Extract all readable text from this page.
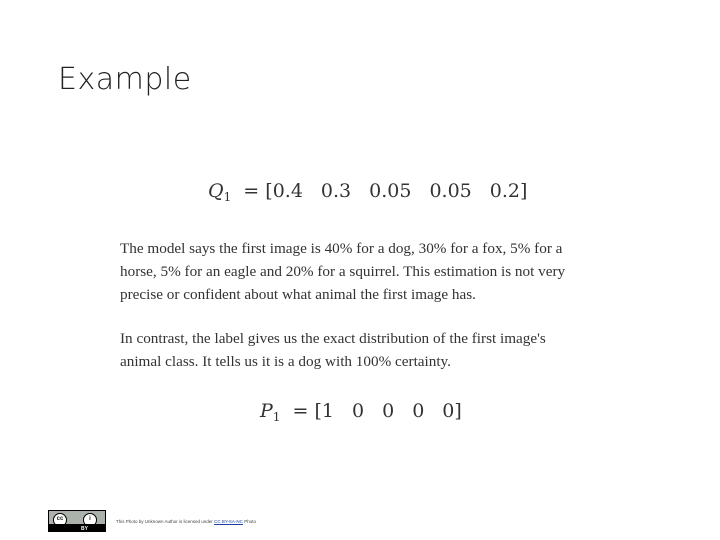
Example
$Q_1 = [0.4$ 0.3 0.05 0.05 0.2]
The model says the first image is 40% for a dog, 30% for a fox, 5% for a horse, 5% for an eagle and 20% for a squirrel. This estimation is not very precise or confident about what animal the first image has.
In contrast, the label gives us the exact distribution of the first image's animal class. It tells us it is a dog with 100% certainty.
$P_1 = [1$ 0 0 0 0]
cc	i
BY
This Photo by Unknown Author is licensed under CC BY-SA-NC Photo
